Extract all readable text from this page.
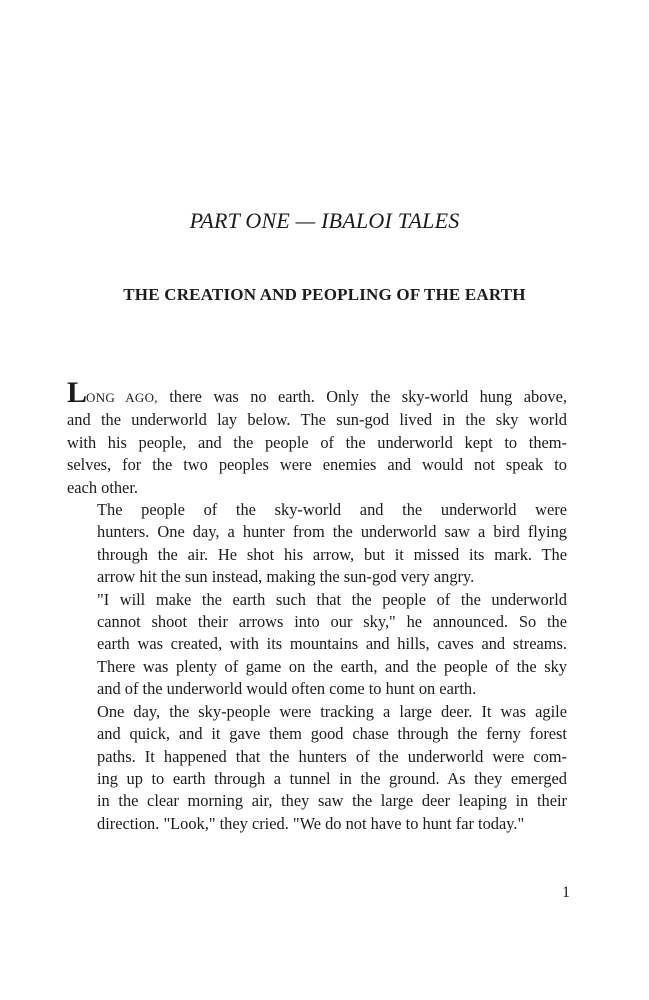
PART ONE — IBALOI TALES
THE CREATION AND PEOPLING OF THE EARTH

LONG AGO, there was no earth. Only the sky-world hung above,
and the underworld lay below. The sun-god lived in the sky world
with his people, and the people of the underworld kept to them-
selves, for the two peoples were enemies and would not speak to
each other.

The people of the sky-world and the underworld were
hunters. One day, a hunter from the underworld saw a bird flying
through the air. He shot his arrow, but it missed its mark. The
arrow hit the sun instead, making the sun-god very angry.

"I will make the earth such that the people of the underworld
cannot shoot their arrows into our sky," he announced. So the
earth was created, with its mountains and hills, caves and streams.
There was plenty of game on the earth, and the people of the sky
and of the underworld would often come to hunt on earth.

One day, the sky-people were tracking a large deer. It was agile
and quick, and it gave them good chase through the ferny forest
paths. It happened that the hunters of the underworld were com-
ing up to earth through a tunnel in the ground. As they emerged
in the clear morning air, they saw the large deer leaping in their
direction. "Look," they cried. "We do not have to hunt far today."

1
